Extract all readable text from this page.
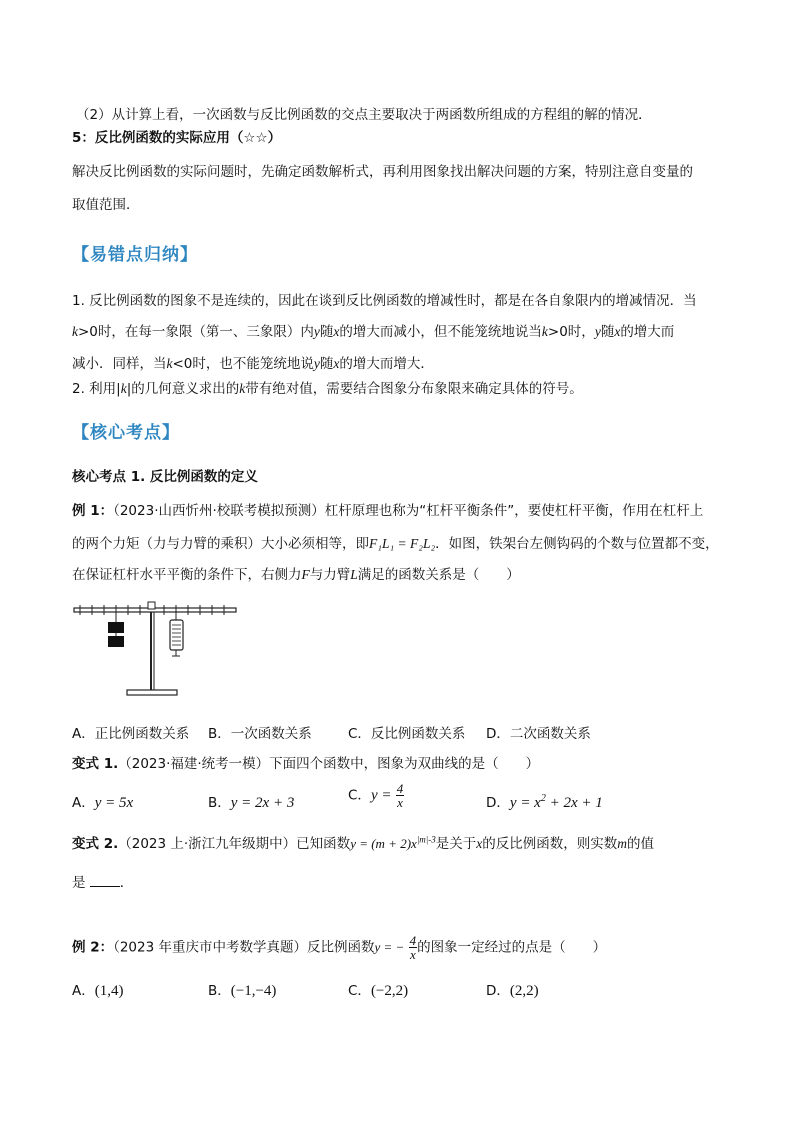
（2）从计算上看，一次函数与反比例函数的交点主要取决于两函数所组成的方程组的解的情况．
5：反比例函数的实际应用（☆☆）
解决反比例函数的实际问题时，先确定函数解析式，再利用图象找出解决问题的方案，特别注意自变量的
取值范围．
【易错点归纳】
1. 反比例函数的图象不是连续的，因此在谈到反比例函数的增减性时，都是在各自象限内的增减情况．当
k>0时，在每一象限（第一、三象限）内y随x的增大而减小，但不能笼统地说当k>0时，y随x的增大而
减小．同样，当k<0时，也不能笼统地说y随x的增大而增大．
2. 利用|k|的几何意义求出的k带有绝对值，需要结合图象分布象限来确定具体的符号。
【核心考点】
核心考点 1. 反比例函数的定义
例 1：（2023·山西忻州·校联考模拟预测）杠杆原理也称为“杠杆平衡条件”，要使杠杆平衡，作用在杠杆上
的两个力矩（力与力臂的乘积）大小必须相等，即F₁L₁ = F₂L₂．如图，铁架台左侧钩码的个数与位置都不变，
在保证杠杆水平平衡的条件下，右侧力F与力臂L满足的函数关系是（　　）
A．正比例函数关系 B．一次函数关系	C．反比例函数关系 D．二次函数关系
变式 1.（2023·福建·统考一模）下面四个函数中，图象为双曲线的是（　　）
A．y = 5x	B．y = 2x + 3	C．$y = \frac{4}{x}$	D．$y = x^2 + 2x + 1$
变式 2.（2023 上·浙江九年级期中）已知函数$y = (m + 2)x^{|m|-3}$是关于x的反比例函数，则实数m的值
是	．
例 2：（2023 年重庆市中考数学真题）反比例函数y = − $\frac{4}{x}$ 的图象一定经过的点是（　　）
A．(1,4)	B．(−1,−4)	C．(−2,2)	D．(2,2)
